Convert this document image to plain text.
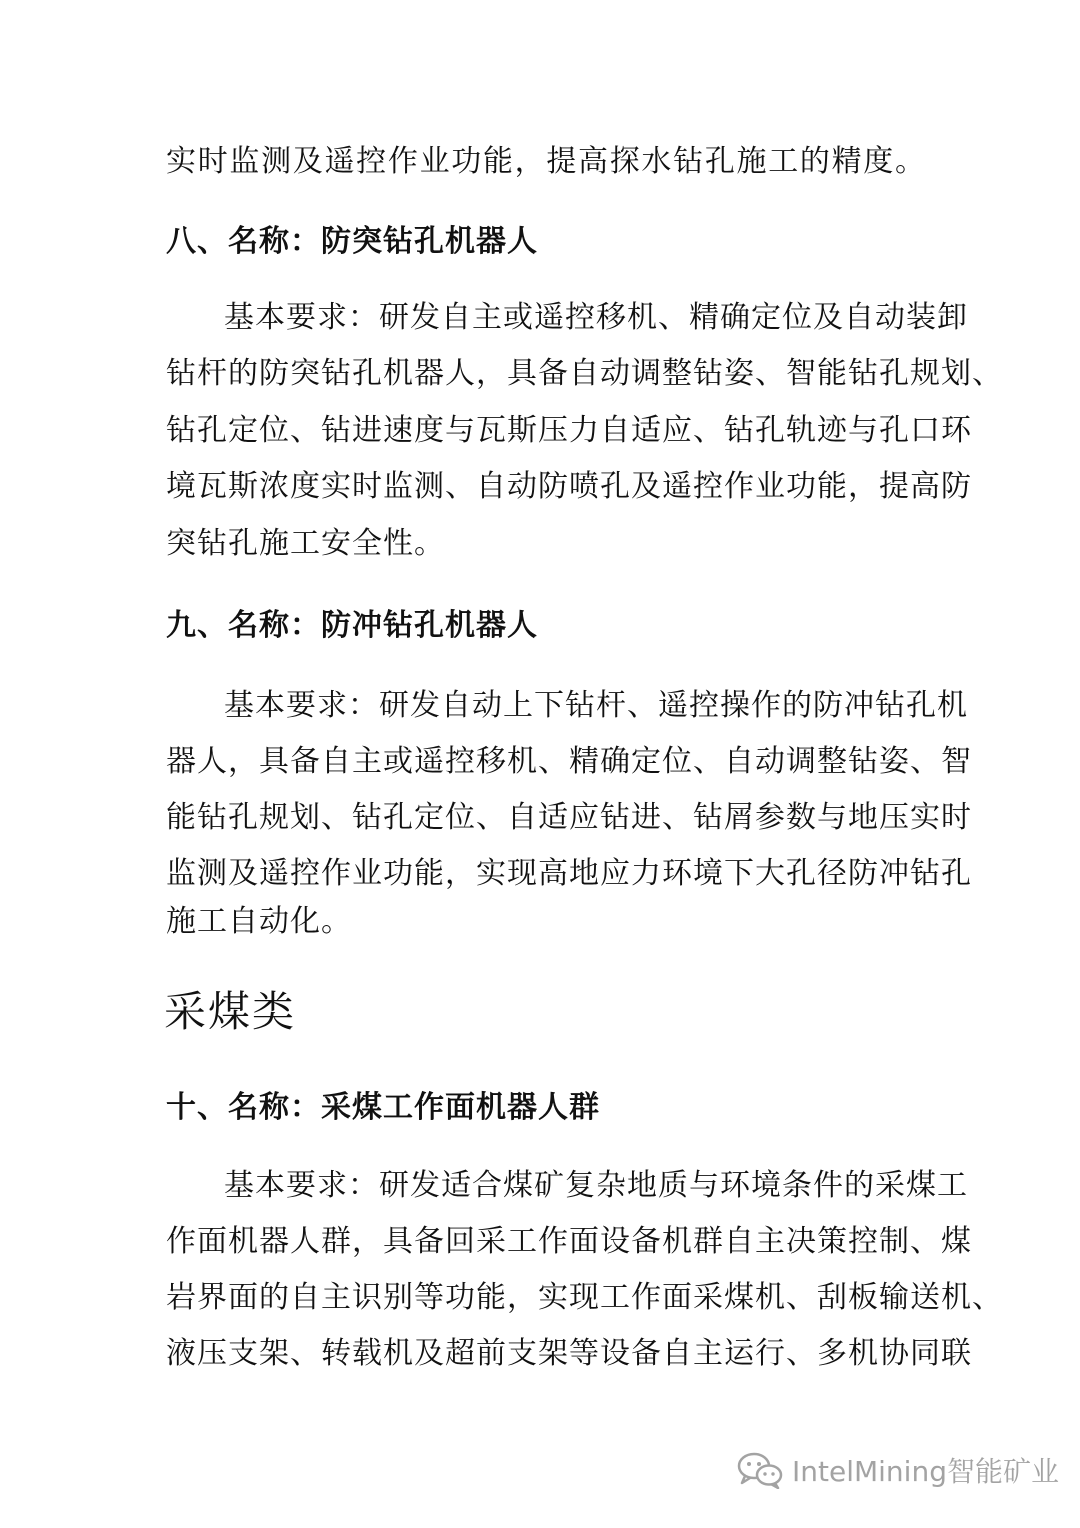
实时监测及遥控作业功能，提高探水钻孔施工的精度。
八、名称：防突钻孔机器人
基本要求：研发自主或遥控移机、精确定位及自动装卸
钻杆的防突钻孔机器人，具备自动调整钻姿、智能钻孔规划、
钻孔定位、钻进速度与瓦斯压力自适应、钻孔轨迹与孔口环
境瓦斯浓度实时监测、自动防喷孔及遥控作业功能，提高防
突钻孔施工安全性。
九、名称：防冲钻孔机器人
基本要求：研发自动上下钻杆、遥控操作的防冲钻孔机
器人，具备自主或遥控移机、精确定位、自动调整钻姿、智
能钻孔规划、钻孔定位、自适应钻进、钻屑参数与地压实时
监测及遥控作业功能，实现高地应力环境下大孔径防冲钻孔
施工自动化。
采煤类
十、名称：采煤工作面机器人群
基本要求：研发适合煤矿复杂地质与环境条件的采煤工
作面机器人群，具备回采工作面设备机群自主决策控制、煤
岩界面的自主识别等功能，实现工作面采煤机、刮板输送机、
液压支架、转载机及超前支架等设备自主运行、多机协同联
IntelMining智能矿业
